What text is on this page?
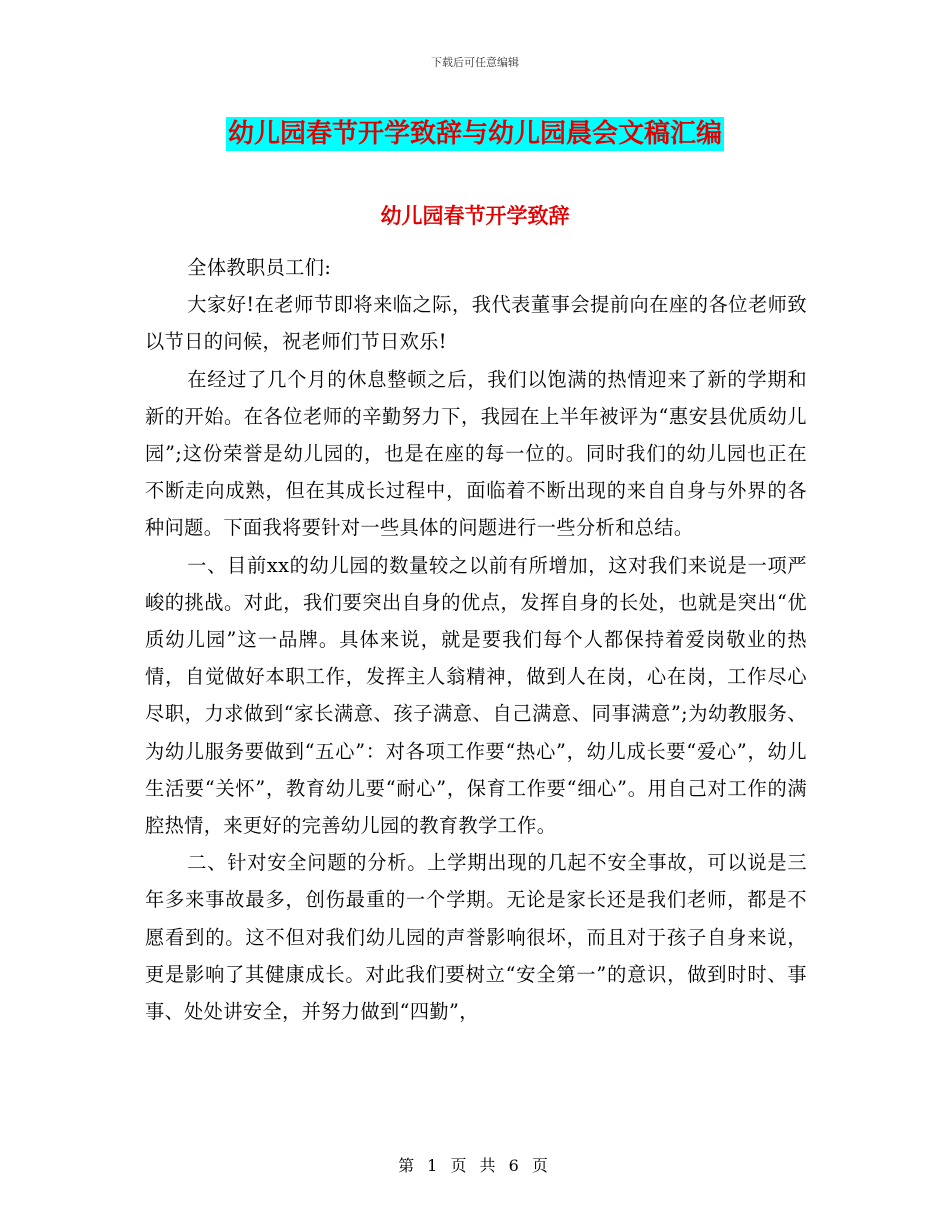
下载后可任意编辑
幼儿园春节开学致辞与幼儿园晨会文稿汇编
幼儿园春节开学致辞

全体教职员工们:

大家好!在老师节即将来临之际，我代表董事会提前向在座的各位老师致以节日的问候，祝老师们节日欢乐!

在经过了几个月的休息整顿之后，我们以饱满的热情迎来了新的学期和新的开始。在各位老师的辛勤努力下，我园在上半年被评为“惠安县优质幼儿园”;这份荣誉是幼儿园的，也是在座的每一位的。同时我们的幼儿园也正在不断走向成熟，但在其成长过程中，面临着不断出现的来自自身与外界的各种问题。下面我将要针对一些具体的问题进行一些分析和总结。

一、目前xx的幼儿园的数量较之以前有所增加，这对我们来说是一项严峻的挑战。对此，我们要突出自身的优点，发挥自身的长处，也就是突出“优质幼儿园”这一品牌。具体来说，就是要我们每个人都保持着爱岗敬业的热情，自觉做好本职工作，发挥主人翁精神，做到人在岗，心在岗，工作尽心尽职，力求做到“家长满意、孩子满意、自己满意、同事满意”;为幼教服务、为幼儿服务要做到“五心”：对各项工作要“热心”，幼儿成长要“爱心”，幼儿生活要“关怀”，教育幼儿要“耐心”，保育工作要“细心”。用自己对工作的满腔热情，来更好的完善幼儿园的教育教学工作。

二、针对安全问题的分析。上学期出现的几起不安全事故，可以说是三年多来事故最多，创伤最重的一个学期。无论是家长还是我们老师，都是不愿看到的。这不但对我们幼儿园的声誉影响很坏，而且对于孩子自身来说，更是影响了其健康成长。对此我们要树立“安全第一”的意识，做到时时、事事、处处讲安全，并努力做到“四勤”，

第 1 页 共 6 页
